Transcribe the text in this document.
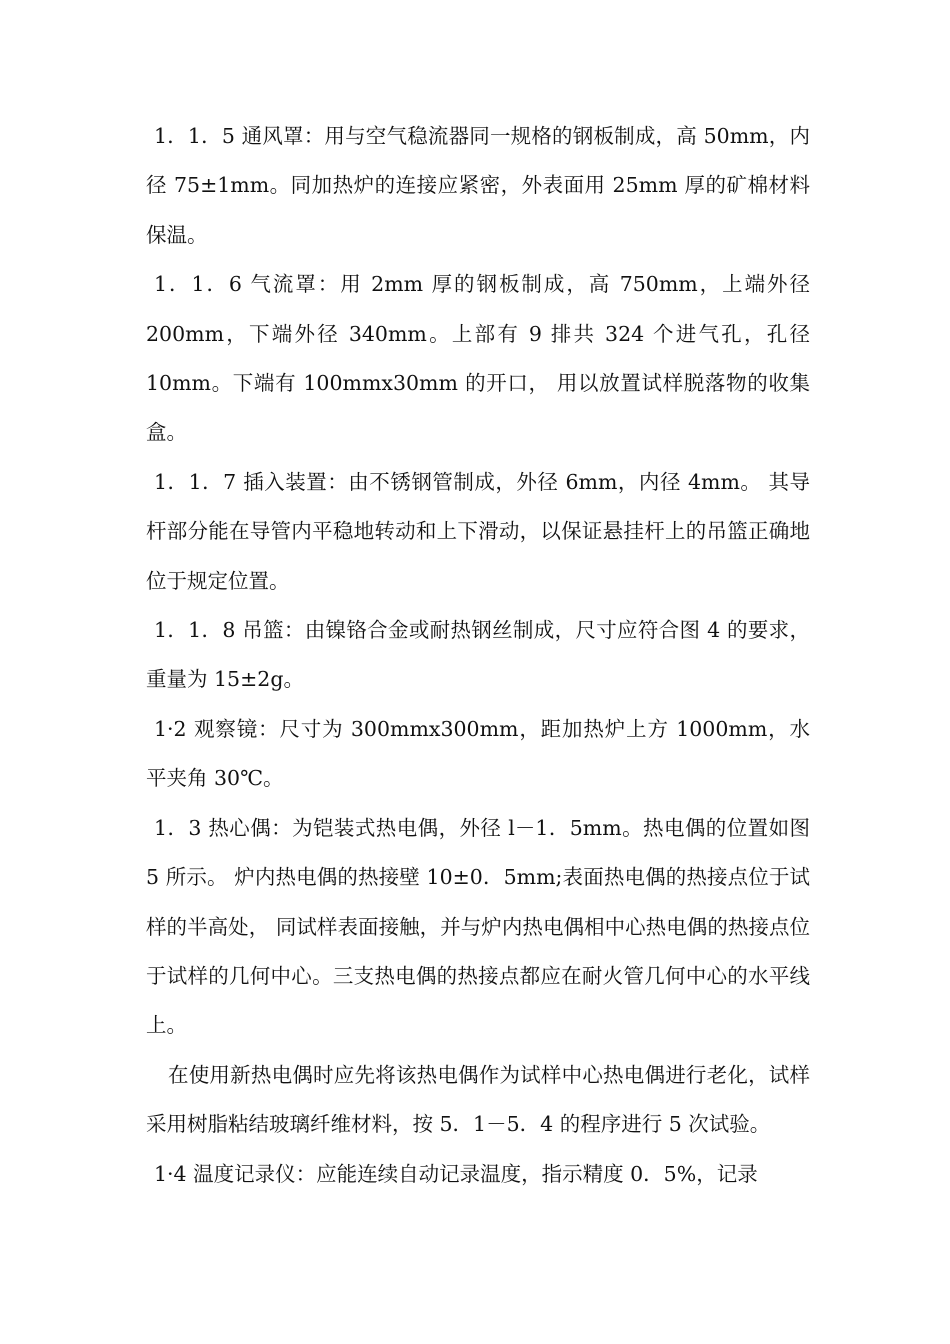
1．1．5 通风罩：用与空气稳流器同一规格的钢板制成，高 50mm，内径 75±1mm。同加热炉的连接应紧密，外表面用 25mm 厚的矿棉材料保温。

1．1．6 气流罩：用 2mm 厚的钢板制成，高 750mm，上端外径 200mm，下端外径 340mm。上部有 9 排共 324 个进气孔，孔径 10mm。下端有 100mmx30mm 的开口， 用以放置试样脱落物的收集盒。

1．1．7 插入装置：由不锈钢管制成，外径 6mm，内径 4mm。 其导杆部分能在导管内平稳地转动和上下滑动，以保证悬挂杆上的吊篮正确地位于规定位置。

1．1．8 吊篮：由镍铬合金或耐热钢丝制成，尺寸应符合图 4 的要求，重量为 15±2g。

1·2 观察镜：尺寸为 300mmx300mm，距加热炉上方 1000mm，水平夹角 30℃。

1．3 热心偶：为铠装式热电偶，外径 l－1．5mm。热电偶的位置如图 5 所示。 炉内热电偶的热接壁 10±0．5mm;表面热电偶的热接点位于试样的半高处， 同试样表面接触，并与炉内热电偶相中心热电偶的热接点位于试样的几何中心。三支热电偶的热接点都应在耐火管几何中心的水平线上。

在使用新热电偶时应先将该热电偶作为试样中心热电偶进行老化，试样采用树脂粘结玻璃纤维材料，按 5．1－5．4 的程序进行 5 次试验。

1·4 温度记录仪：应能连续自动记录温度，指示精度 0．5%，记录
